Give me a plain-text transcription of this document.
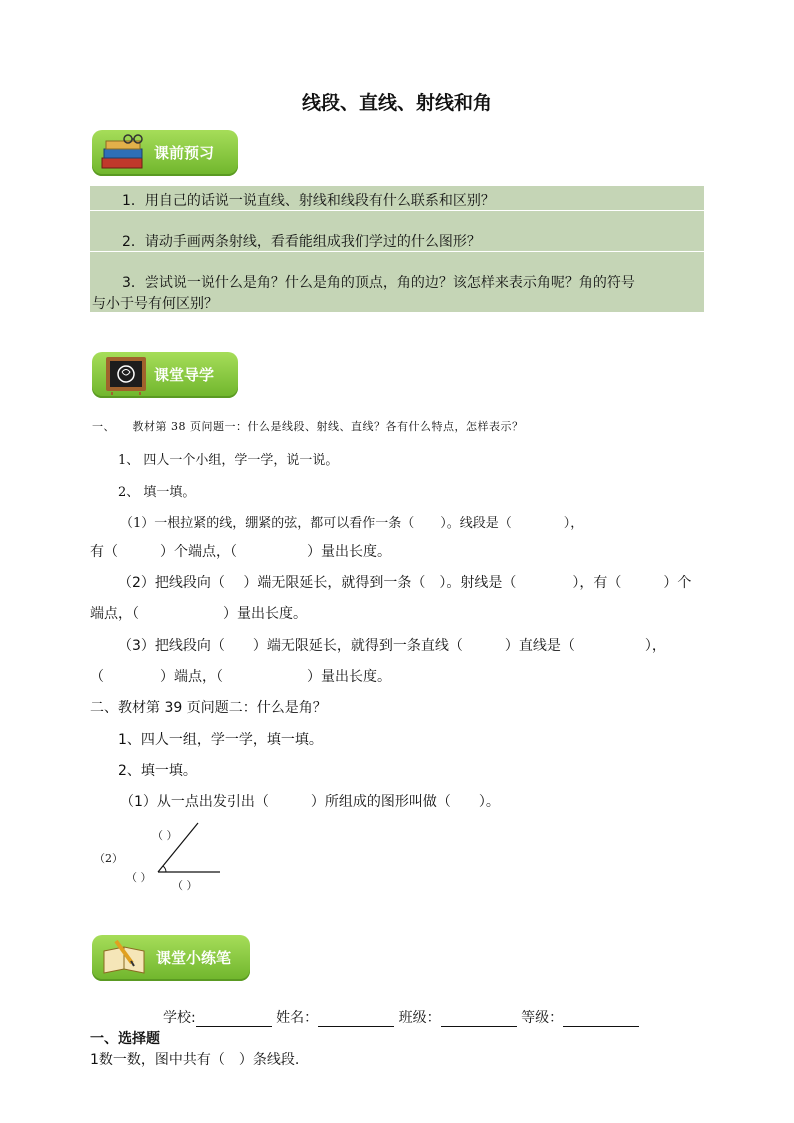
线段、直线、射线和角
课前预习
1．用自己的话说一说直线、射线和线段有什么联系和区别？
2．请动手画两条射线，看看能组成我们学过的什么图形？
3．尝试说一说什么是角？什么是角的顶点，角的边？该怎样来表示角呢？角的符号
与小于号有何区别？
课堂导学
一、　　教材第 38 页问题一：什么是线段、射线、直线？各有什么特点，怎样表示？
1、 四人一个小组，学一学，说一说。
2、 填一填。
（1）一根拉紧的线，绷紧的弦，都可以看作一条（　　）。线段是（　　　　），
有（　　　）个端点，（　　　　　）量出长度。
（2）把线段向（　 ）端无限延长，就得到一条（　）。射线是（　　　　），有（　　　）个
端点，（　　　　　　）量出长度。
（3）把线段向（　　）端无限延长，就得到一条直线（　　　）直线是（　　　　　），
（　　　　）端点，（　　　　　　）量出长度。
二、教材第 39 页问题二：什么是角？
1、四人一组，学一学，填一填。
2、填一填。
（1）从一点出发引出（　　　）所组成的图形叫做（　　）。
（2）
（ ）
（ ）
（ ）
课堂小练笔
学校:	姓名：	班级：	等级：
一、选择题
1数一数，图中共有（　）条线段.
